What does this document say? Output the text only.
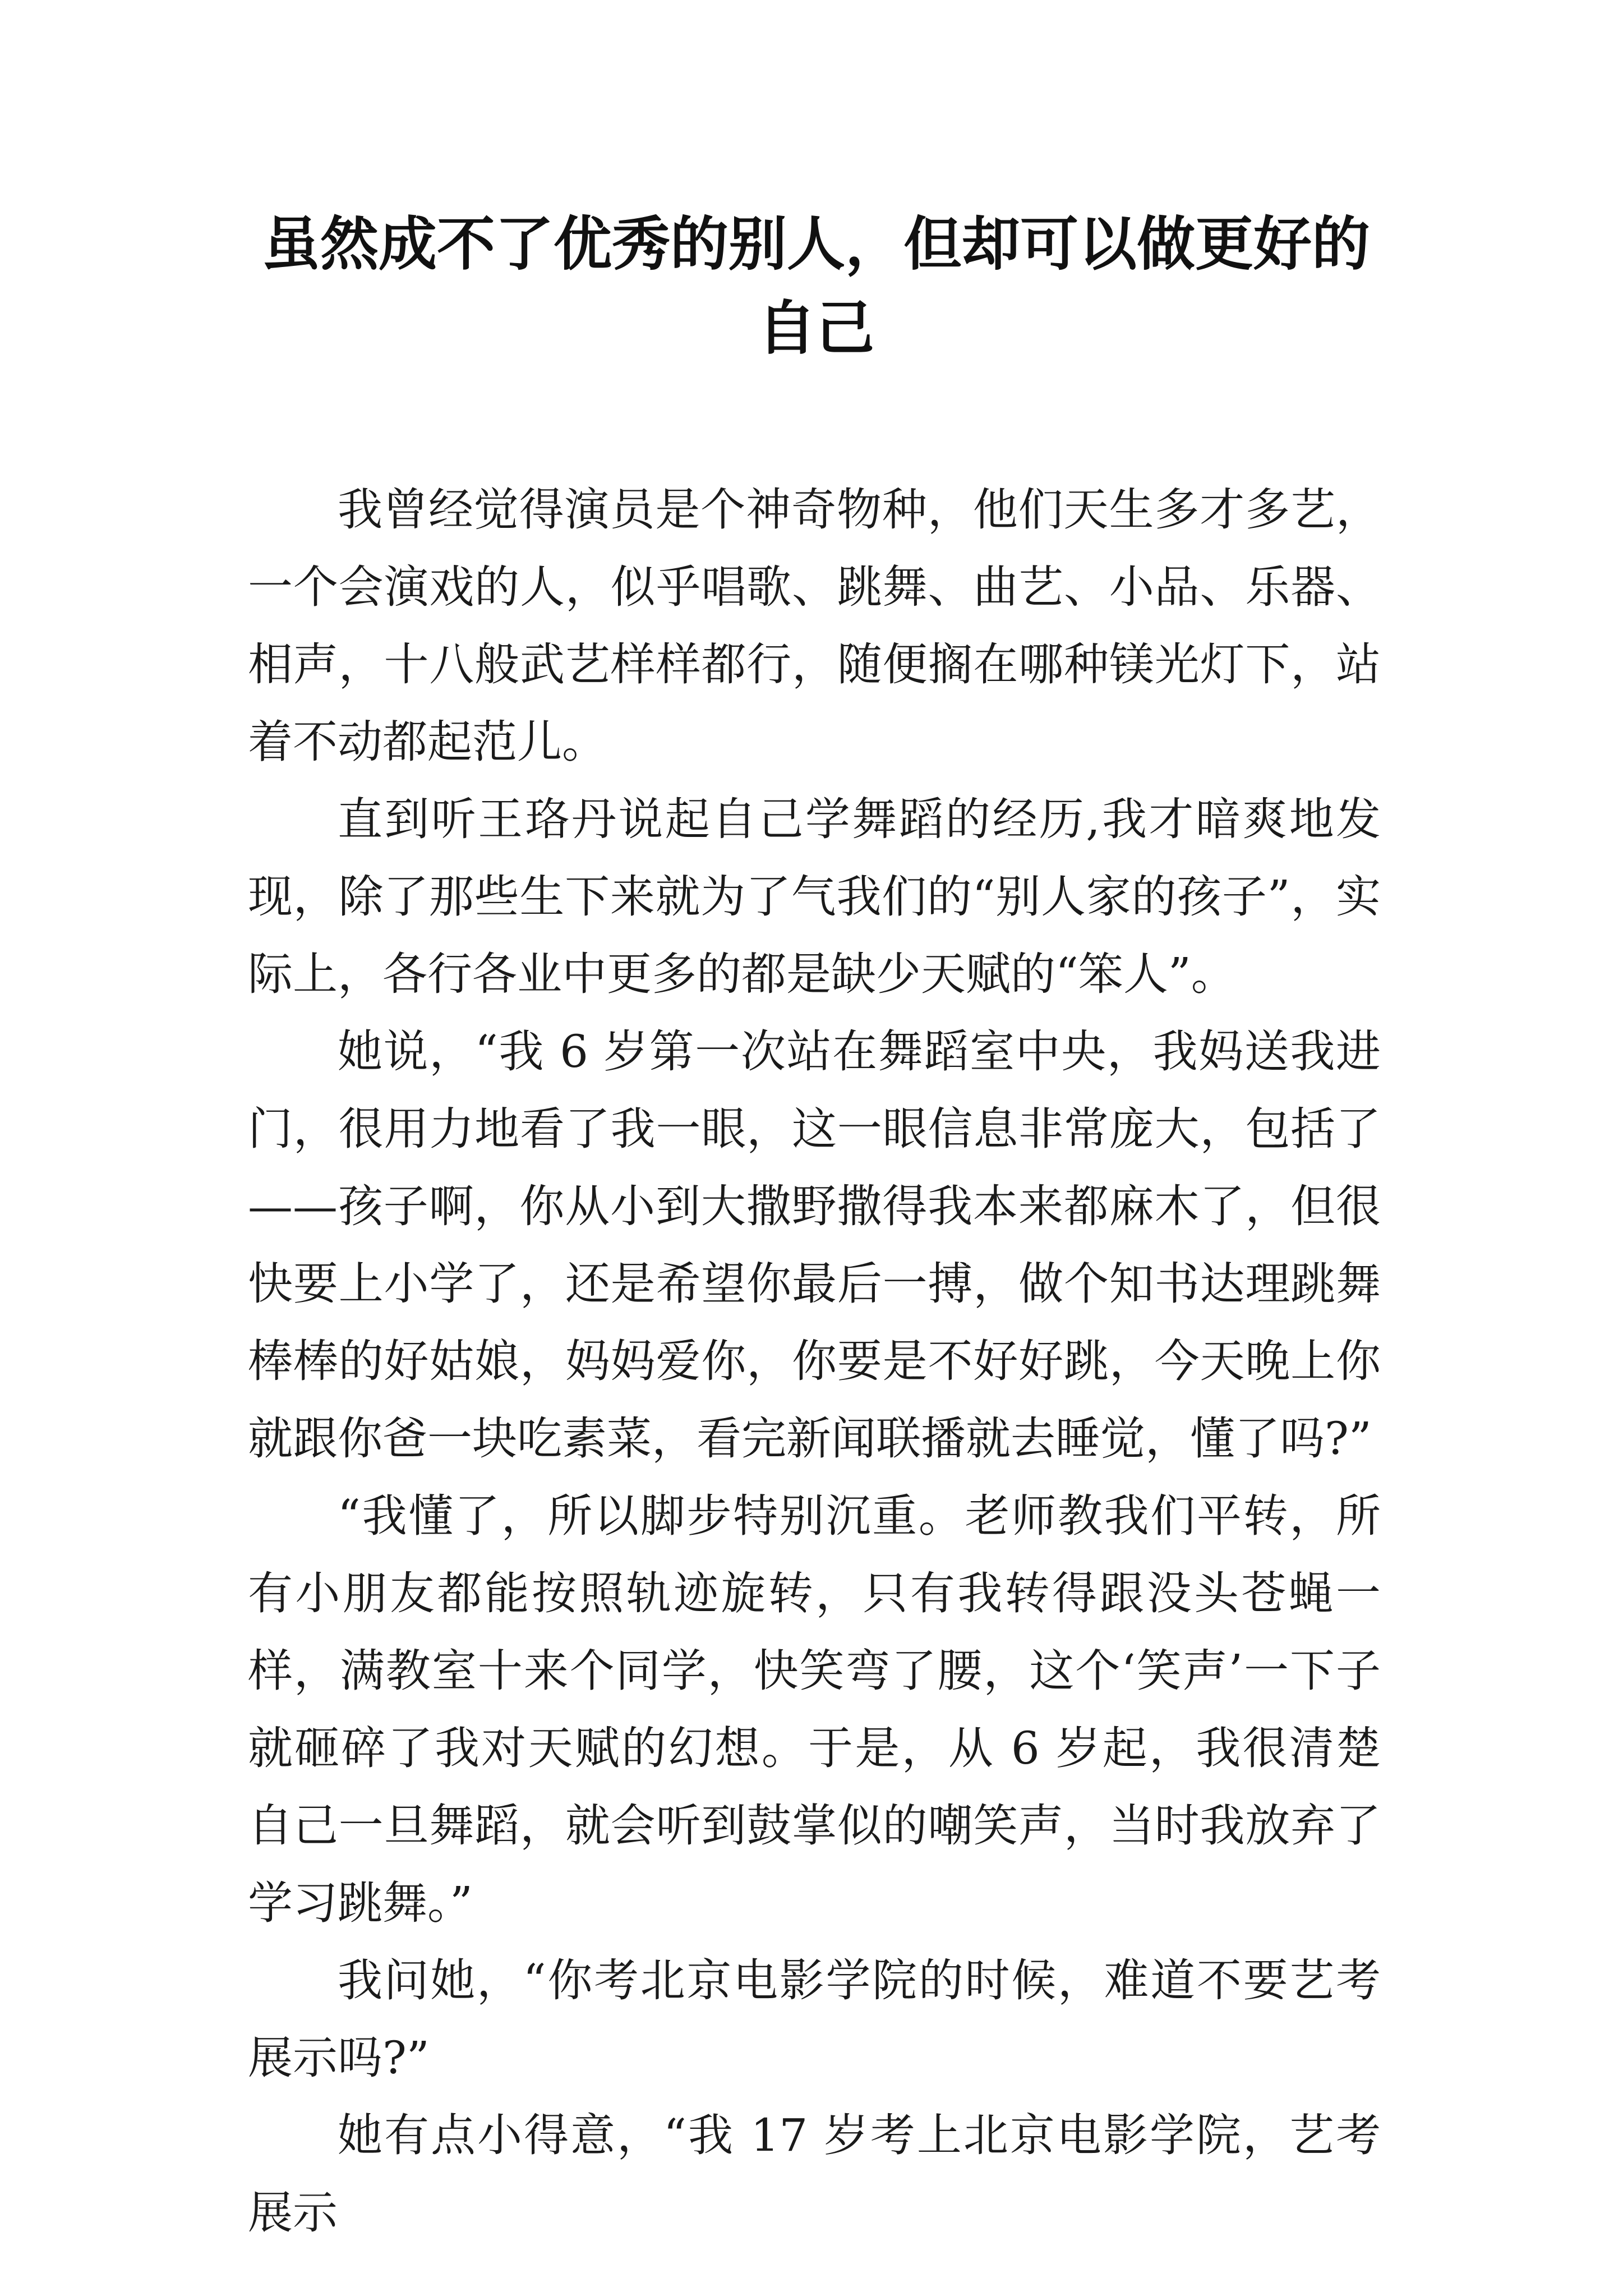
虽然成不了优秀的别人，但却可以做更好的自己

我曾经觉得演员是个神奇物种，他们天生多才多艺，一个会演戏的人，似乎唱歌、跳舞、曲艺、小品、乐器、相声，十八般武艺样样都行，随便搁在哪种镁光灯下，站着不动都起范儿。

直到听王珞丹说起自己学舞蹈的经历,我才暗爽地发现，除了那些生下来就为了气我们的“别人家的孩子”，实际上，各行各业中更多的都是缺少天赋的“笨人”。

她说，“我 6 岁第一次站在舞蹈室中央，我妈送我进门，很用力地看了我一眼，这一眼信息非常庞大，包括了——孩子啊，你从小到大撒野撒得我本来都麻木了，但很快要上小学了，还是希望你最后一搏，做个知书达理跳舞棒棒的好姑娘，妈妈爱你，你要是不好好跳，今天晚上你就跟你爸一块吃素菜，看完新闻联播就去睡觉，懂了吗?”

“我懂了，所以脚步特别沉重。老师教我们平转，所有小朋友都能按照轨迹旋转，只有我转得跟没头苍蝇一样，满教室十来个同学，快笑弯了腰，这个‘笑声’一下子就砸碎了我对天赋的幻想。于是，从 6 岁起，我很清楚自己一旦舞蹈，就会听到鼓掌似的嘲笑声，当时我放弃了学习跳舞。”

我问她，“你考北京电影学院的时候，难道不要艺考展示吗?”

她有点小得意，“我 17 岁考上北京电影学院，艺考展示
